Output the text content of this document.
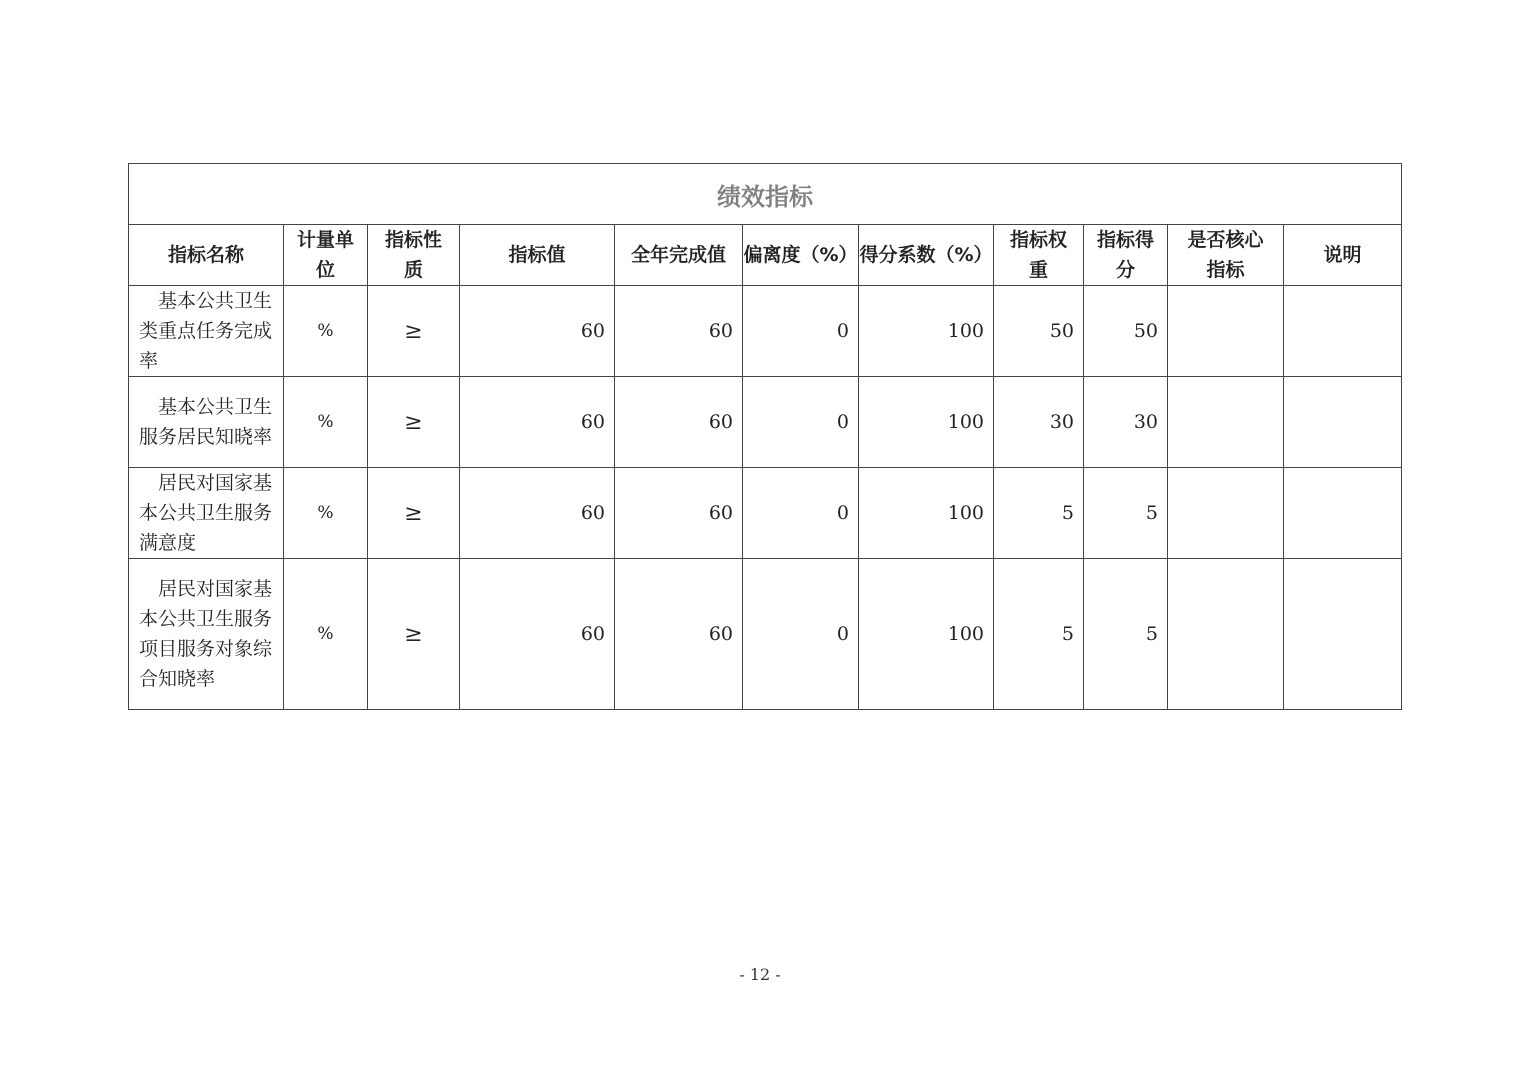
绩效指标										
指标名称	计量单位	指标性质	指标值	全年完成值	偏离度（%）	得分系数（%）	指标权重	指标得分	是否核心指标	说明

基本公共卫生类重点任务完成率	%	≥	60	60	0	100	50	50		

基本公共卫生服务居民知晓率	%	≥	60	60	0	100	30	30		

居民对国家基本公共卫生服务满意度	%	≥	60	60	0	100	5	5		

居民对国家基本公共卫生服务项目服务对象综合知晓率	%	≥	60	60	0	100	5	5		
- 12 -
